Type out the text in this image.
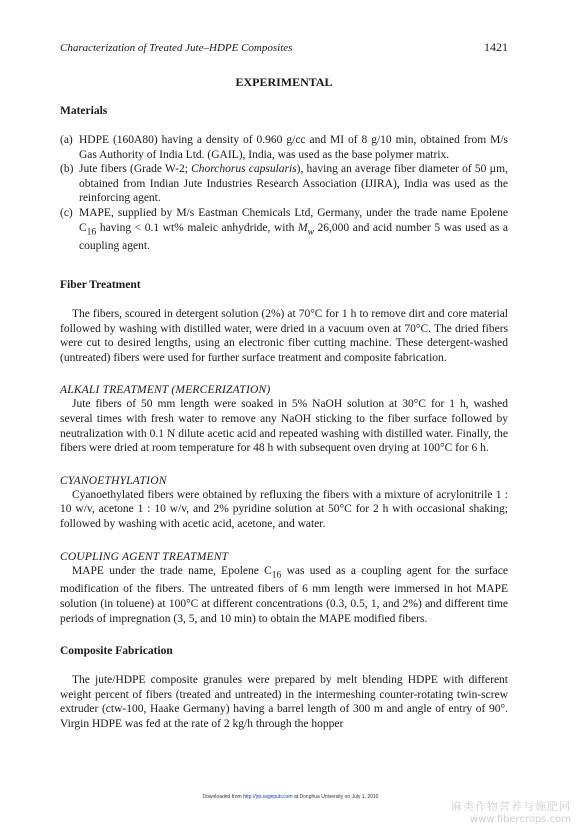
Characterization of Treated Jute–HDPE Composites	1421
EXPERIMENTAL
Materials
(a) HDPE (160A80) having a density of 0.960 g/cc and MI of 8 g/10 min, obtained from M/s Gas Authority of India Ltd. (GAIL), India, was used as the base polymer matrix.
(b) Jute fibers (Grade W-2; Chorchorus capsularis), having an average fiber diameter of 50 µm, obtained from Indian Jute Industries Research Association (IJIRA), India was used as the reinforcing agent.
(c) MAPE, supplied by M/s Eastman Chemicals Ltd, Germany, under the trade name Epolene $C_{16}$ having < 0.1 wt% maleic anhydride, with $M_w$ 26,000 and acid number 5 was used as a coupling agent.
Fiber Treatment

The fibers, scoured in detergent solution (2%) at 70°C for 1 h to remove dirt and core material followed by washing with distilled water, were dried in a vacuum oven at 70°C. The dried fibers were cut to desired lengths, using an electronic fiber cutting machine. These detergent-washed (untreated) fibers were used for further surface treatment and composite fabrication.

ALKALI TREATMENT (MERCERIZATION)

Jute fibers of 50 mm length were soaked in 5% NaOH solution at 30°C for 1 h, washed several times with fresh water to remove any NaOH sticking to the fiber surface followed by neutralization with 0.1 N dilute acetic acid and repeated washing with distilled water. Finally, the fibers were dried at room temperature for 48 h with subsequent oven drying at 100°C for 6 h.

CYANOETHYLATION

Cyanoethylated fibers were obtained by refluxing the fibers with a mixture of acrylonitrile 1 : 10 w/v, acetone 1 : 10 w/v, and 2% pyridine solution at 50°C for 2 h with occasional shaking; followed by washing with acetic acid, acetone, and water.

COUPLING AGENT TREATMENT

MAPE under the trade name, Epolene $C_{16}$ was used as a coupling agent for the surface modification of the fibers. The untreated fibers of 6 mm length were immersed in hot MAPE solution (in toluene) at 100°C at different concentrations (0.3, 0.5, 1, and 2%) and different time periods of impregnation (3, 5, and 10 min) to obtain the MAPE modified fibers.

Composite Fabrication

The jute/HDPE composite granules were prepared by melt blending HDPE with different weight percent of fibers (treated and untreated) in the intermeshing counter-rotating twin-screw extruder (ctw-100, Haake Germany) having a barrel length of 300 m and angle of entry of 90°. Virgin HDPE was fed at the rate of 2 kg/h through the hopper

Downloaded from http://jrp.sagepub.com at Donghua University on July 1, 2010
麻类作物营养与施肥网
www.fibercrops.com
